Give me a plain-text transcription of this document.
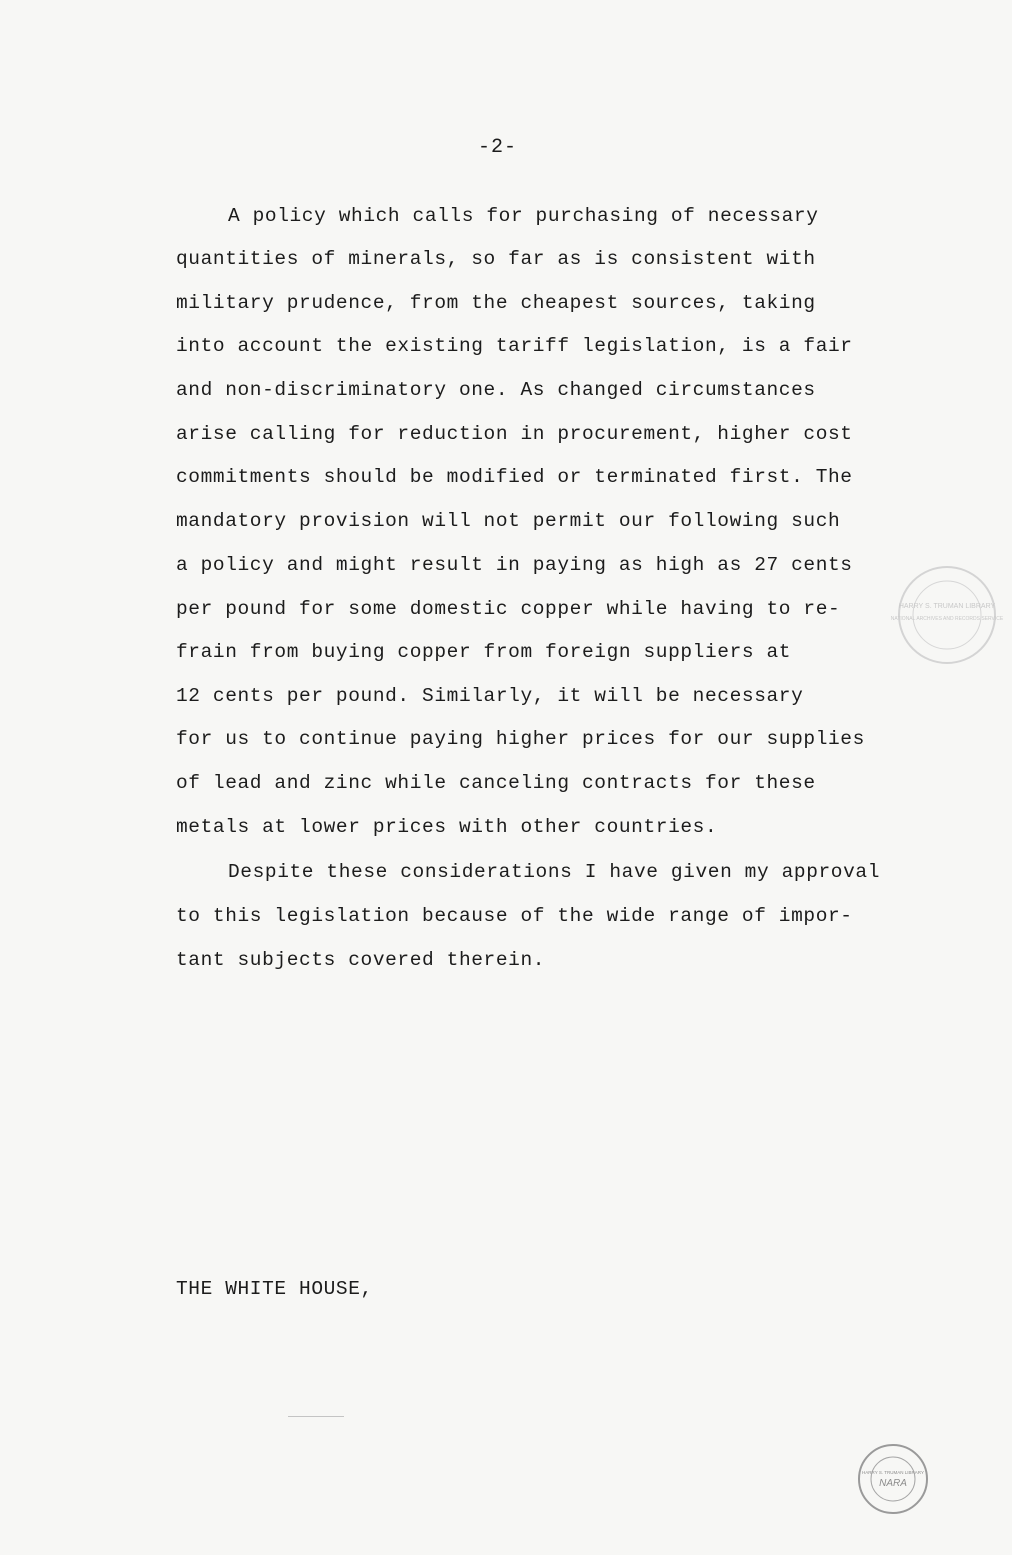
-2-
A policy which calls for purchasing of necessary
quantities of minerals, so far as is consistent with
military prudence, from the cheapest sources, taking
into account the existing tariff legislation, is a fair
and non-discriminatory one. As changed circumstances
arise calling for reduction in procurement, higher cost
commitments should be modified or terminated first. The
mandatory provision will not permit our following such
a policy and might result in paying as high as 27 cents
per pound for some domestic copper while having to re-
frain from buying copper from foreign suppliers at
12 cents per pound. Similarly, it will be necessary
for us to continue paying higher prices for our supplies
of lead and zinc while canceling contracts for these
metals at lower prices with other countries.
Despite these considerations I have given my approval
to this legislation because of the wide range of impor-
tant subjects covered therein.
THE WHITE HOUSE,
HARRY S. TRUMAN LIBRARY
NATIONAL ARCHIVES AND RECORDS SERVICE
HARRY S. TRUMAN LIBRARY
NARA
